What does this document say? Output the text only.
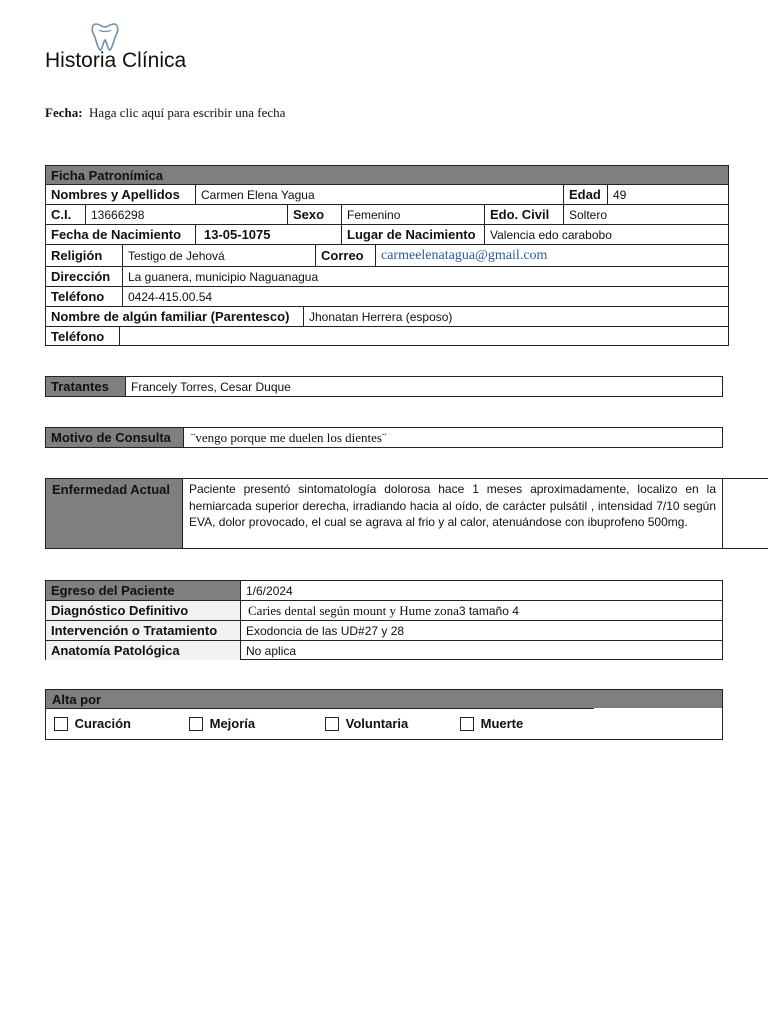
Historia Clínica
Fecha: Haga clic aquí para escribir una fecha
Ficha Patronímica
Nombres y Apellidos	Carmen Elena Yagua	Edad	49
C.I.	13666298	Sexo	Femenino	Edo. Civil	Soltero
Fecha de Nacimiento	13-05-1075	Lugar de Nacimiento	Valencia edo carabobo
Religión	Testigo de Jehová	Correo	carmeelenatagua@gmail.com
Dirección	La guanera, municipio Naguanagua
Teléfono	0424-415.00.54
Nombre de algún familiar (Parentesco)	Jhonatan Herrera (esposo)
Teléfono
Tratantes	Francely Torres, Cesar Duque
Motivo de Consulta	¨vengo porque me duelen los dientes¨
Enfermedad Actual	Paciente presentó sintomatología dolorosa hace 1 meses aproximadamente, localizo en la hemiarcada superior derecha, irradiando hacia al oído, de carácter pulsátil , intensidad 7/10 según EVA, dolor provocado, el cual se agrava al frio y al calor, atenuándose con ibuprofeno 500mg.
Egreso del Paciente	1/6/2024
Diagnóstico Definitivo	Caries dental según mount y Hume zona 3 tamaño 4
Intervención o Tratamiento	Exodoncia de las UD#27 y 28
Anatomía Patológica	No aplica
Alta por
Curación	Mejoría	Voluntaria	Muerte
